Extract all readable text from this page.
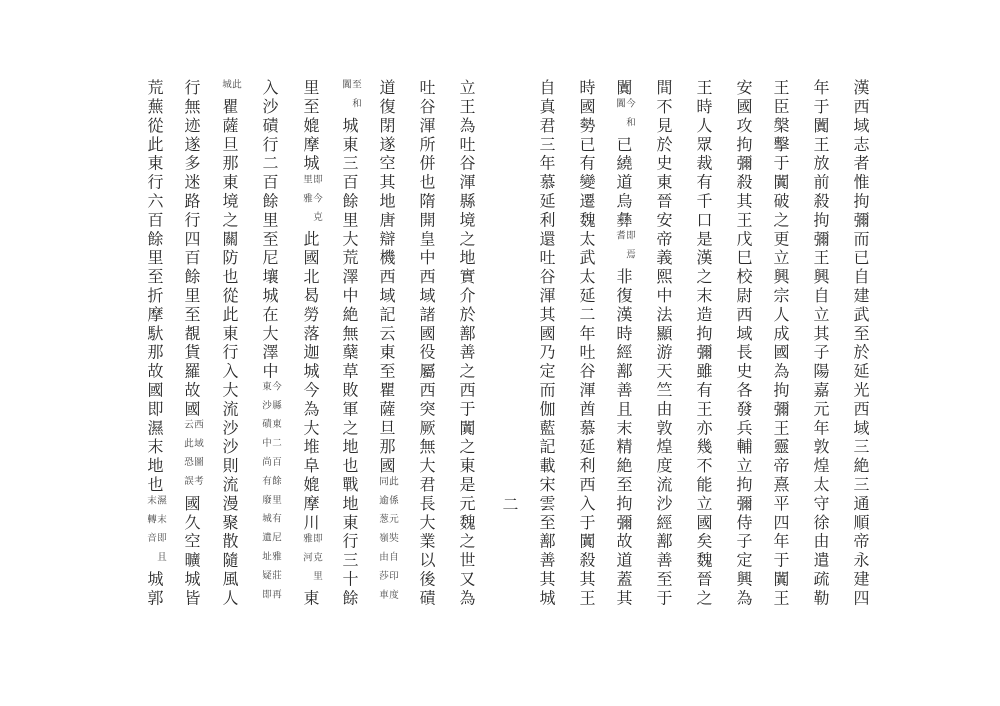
二	漢西域志者惟拘彌而已自建武至於延光西域三絶三通順帝永建四
年于闐王放前殺拘彌王興自立其子陽嘉元年敦煌太守徐由遣疏勒
王臣槃擊于闐破之更立興宗人成國為拘彌王靈帝熹平四年于闐王
安國攻拘彌殺其王戊巳校尉西域長史各發兵輔立拘彌侍子定興為
王時人眾裁有千口是漢之末造拘彌雖有王亦幾不能立國矣魏晉之
間不見於史東晉安帝義熙中法顯游天竺由敦煌度流沙經鄯善至于
闐
今和
闐
已繞道烏彝
即焉
耆
非復漢時經鄯善且末精絶至拘彌故道蓋其
時國勢已有變遷魏太武太延二年吐谷渾酋慕延利西入于闐殺其王
自真君三年慕延利還吐谷渾其國乃定而伽藍記載宋雲至鄯善其城
立王為吐谷渾縣境之地實介於鄯善之西于闐之東是元魏之世又為
吐谷渾所併也隋開皇中西域諸國役屬西突厥無大君長大業以後磧
道復閉遂空其地唐辯機西域記云東至瞿薩旦那國
此係元奘自印度
同逾葱嶺由莎車
至和
闐
城東三百餘里大荒澤中絶無蘖草敗軍之地也戰地東行三十餘
里至媲摩城
即今克
里雅
此國北曷勞落迦城今為大堆阜媲摩川
即克里
雅河
東
入沙磧行二百餘里至尼壤城在大澤中
今縣東二百餘里有尼雅莊再
東沙磧中尚有廢城遺址疑即
此
城
瞿薩旦那東境之關防也從此東行入大流沙沙則流漫聚散隨風人
行無迹遂多迷路行四百餘里至覩貨羅故國
西域圖考
云此恐誤
國久空曠城皆
荒蕪從此東行六百餘里至折摩馱那故國即濕末地也
濕末即且
末轉音
城郭
